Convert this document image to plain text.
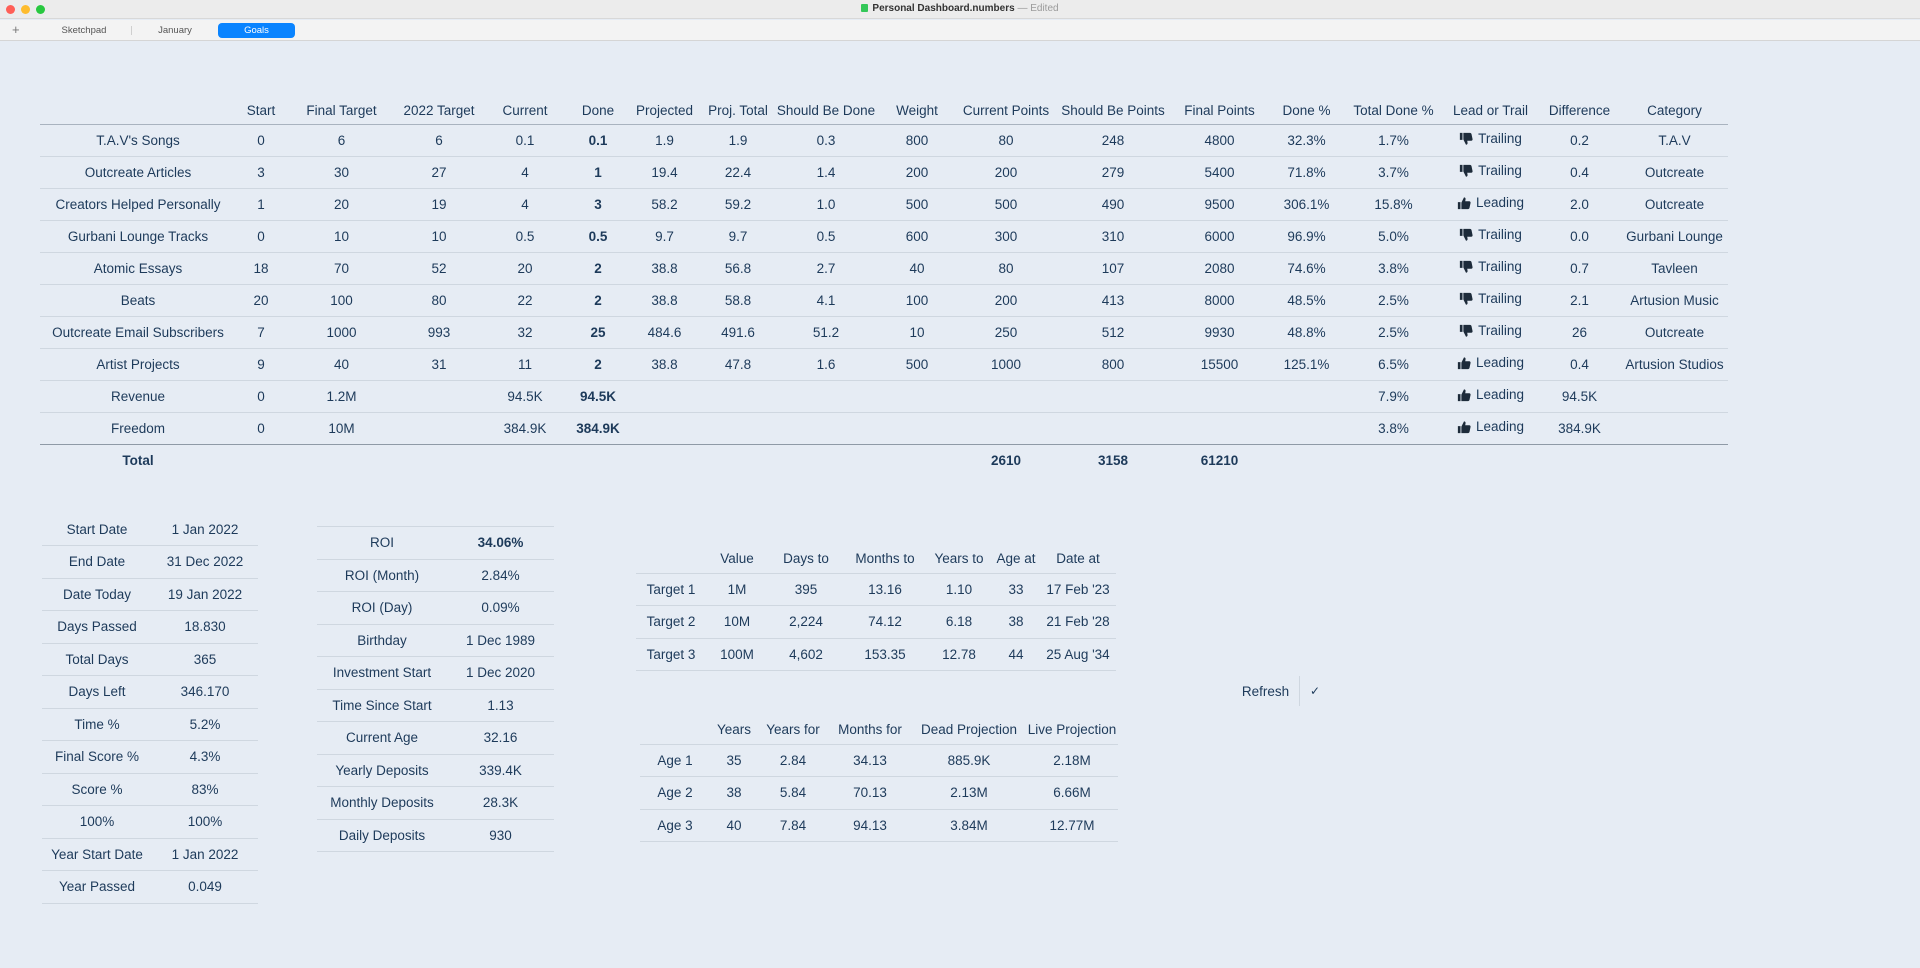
Personal Dashboard.numbers — Edited
+	Sketchpad	January	Goals
	Start	Final Target	2022 Target	Current	Done	Projected	Proj. Total	Should Be Done	Weight	Current Points	Should Be Points	Final Points	Done %	Total Done %	Lead or Trail	Difference	Category
T.A.V's Songs	0	6	6	0.1	0.1	1.9	1.9	0.3	800	80	248	4800	32.3%	1.7%	Trailing	0.2	T.A.V
Outcreate Articles	3	30	27	4	1	19.4	22.4	1.4	200	200	279	5400	71.8%	3.7%	Trailing	0.4	Outcreate
Creators Helped Personally	1	20	19	4	3	58.2	59.2	1.0	500	500	490	9500	306.1%	15.8%	Leading	2.0	Outcreate
Gurbani Lounge Tracks	0	10	10	0.5	0.5	9.7	9.7	0.5	600	300	310	6000	96.9%	5.0%	Trailing	0.0	Gurbani Lounge
Atomic Essays	18	70	52	20	2	38.8	56.8	2.7	40	80	107	2080	74.6%	3.8%	Trailing	0.7	Tavleen
Beats	20	100	80	22	2	38.8	58.8	4.1	100	200	413	8000	48.5%	2.5%	Trailing	2.1	Artusion Music
Outcreate Email Subscribers	7	1000	993	32	25	484.6	491.6	51.2	10	250	512	9930	48.8%	2.5%	Trailing	26	Outcreate
Artist Projects	9	40	31	11	2	38.8	47.8	1.6	500	1000	800	15500	125.1%	6.5%	Leading	0.4	Artusion Studios
Revenue	0	1.2M		94.5K	94.5K									7.9%	Leading	94.5K	
Freedom	0	10M		384.9K	384.9K									3.8%	Leading	384.9K	
Total										2610	3158	61210					
Start Date	1 Jan 2022
End Date	31 Dec 2022
Date Today	19 Jan 2022
Days Passed	18.830
Total Days	365
Days Left	346.170
Time %	5.2%
Final Score %	4.3%
Score %	83%
100%	100%
Year Start Date	1 Jan 2022
Year Passed	0.049
ROI	34.06%
ROI (Month)	2.84%
ROI (Day)	0.09%
Birthday	1 Dec 1989
Investment Start	1 Dec 2020
Time Since Start	1.13
Current Age	32.16
Yearly Deposits	339.4K
Monthly Deposits	28.3K
Daily Deposits	930
	Value	Days to	Months to	Years to	Age at	Date at
Target 1	1M	395	13.16	1.10	33	17 Feb '23
Target 2	10M	2,224	74.12	6.18	38	21 Feb '28
Target 3	100M	4,602	153.35	12.78	44	25 Aug '34
	Years	Years for	Months for	Dead Projection	Live Projection
Age 1	35	2.84	34.13	885.9K	2.18M
Age 2	38	5.84	70.13	2.13M	6.66M
Age 3	40	7.84	94.13	3.84M	12.77M
Refresh	✓
